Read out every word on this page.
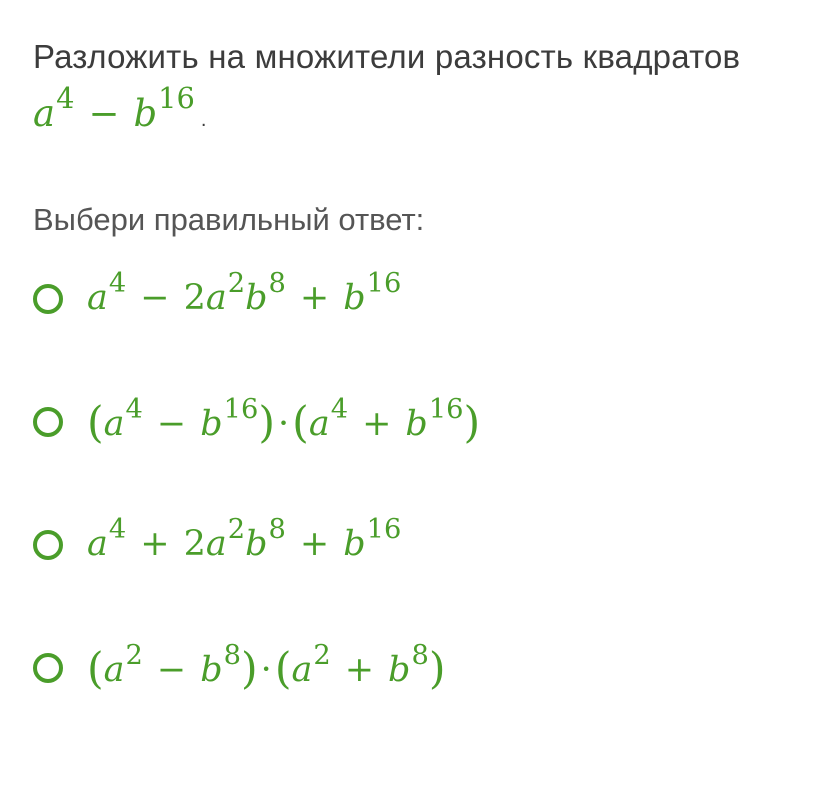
Разложить на множители разность квадратов
$a^4 - b^{16}$.
Выбери правильный ответ:
$a^4 - 2a^2b^8 + b^{16}$
$(a^4 - b^{16})\cdot(a^4 + b^{16})$
$a^4 + 2a^2b^8 + b^{16}$
$(a^2 - b^8)\cdot(a^2 + b^8)$
